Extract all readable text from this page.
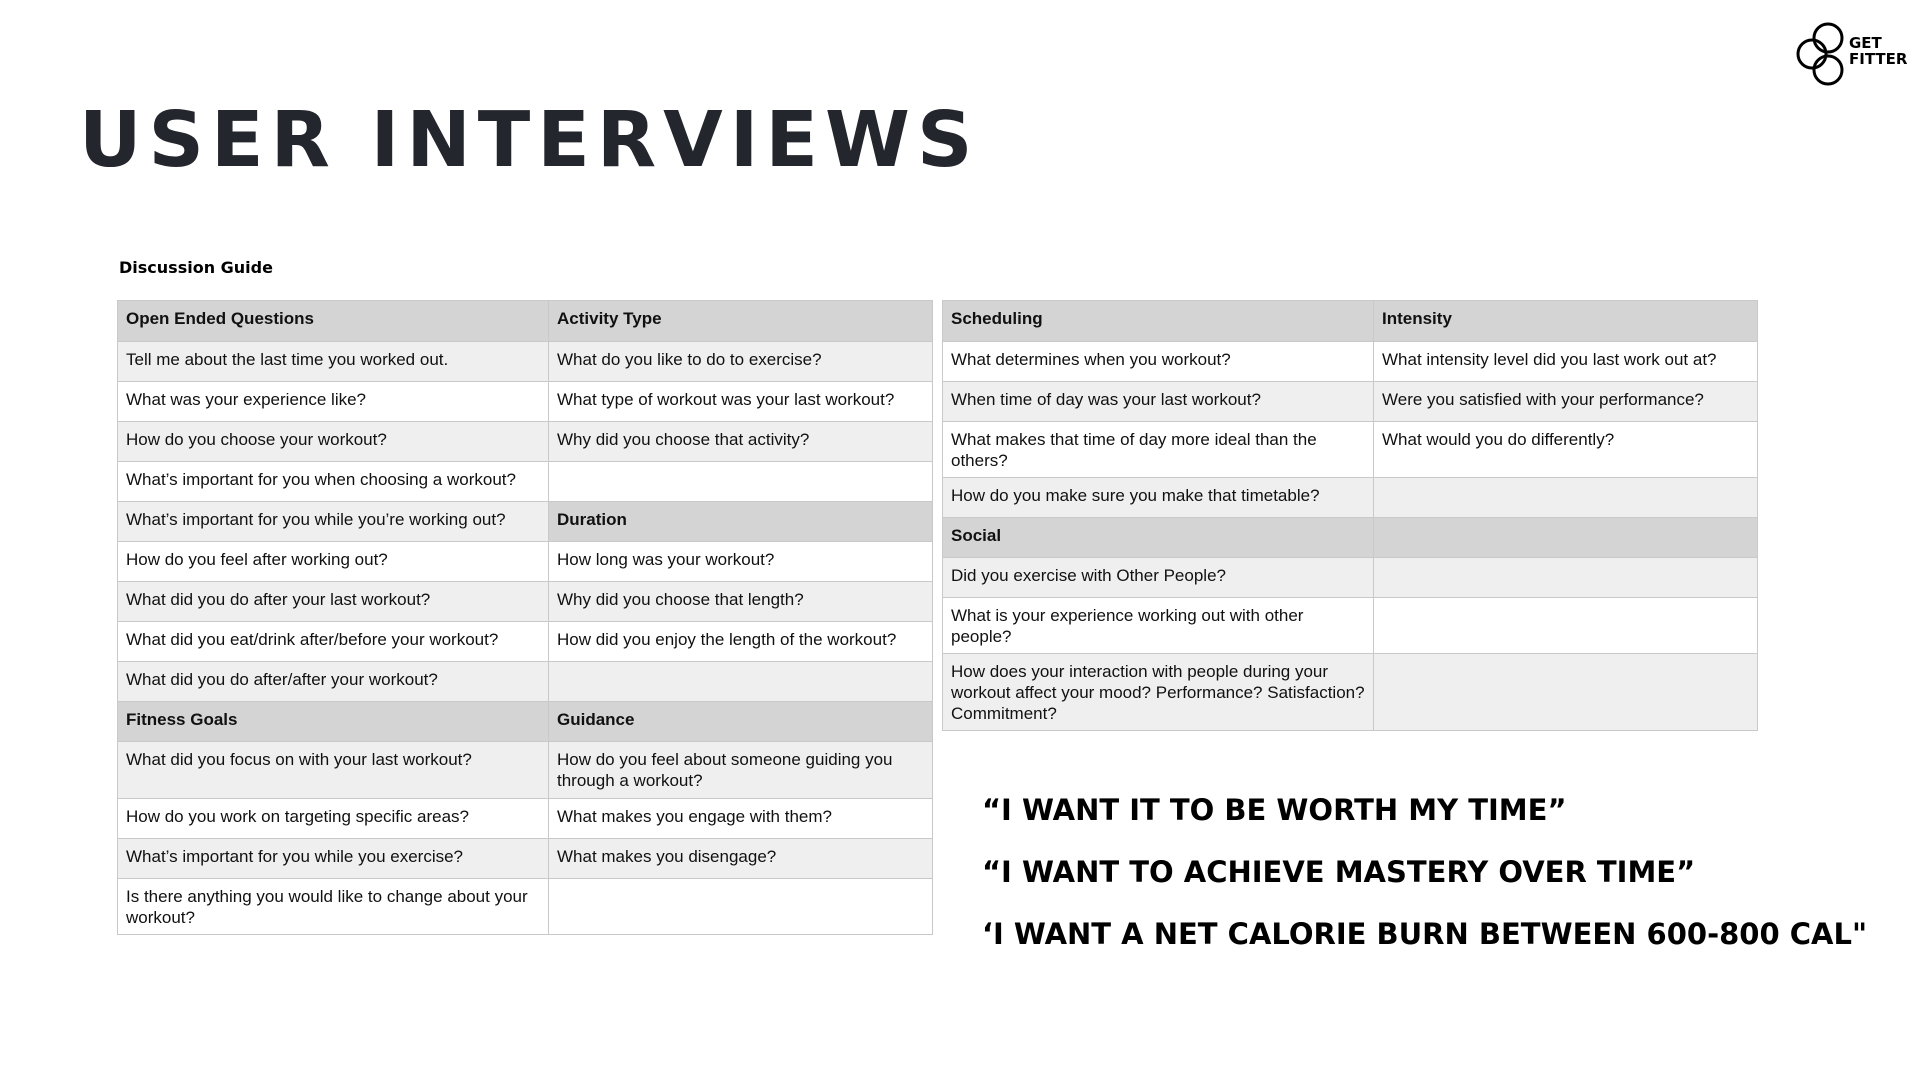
USER INTERVIEWS
GET
FITTER
Discussion Guide
Open Ended Questions	Activity Type
Tell me about the last time you worked out.	What do you like to do to exercise?
What was your experience like?	What type of workout was your last workout?
How do you choose your workout?	Why did you choose that activity?
What’s important for you when choosing a workout?	
What’s important for you while you’re working out?	Duration
How do you feel after working out?	How long was your workout?
What did you do after your last workout?	Why did you choose that length?
What did you eat/drink after/before your workout?	How did you enjoy the length of the workout?
What did you do after/after your workout?	
Fitness Goals	Guidance
What did you focus on with your last workout?	How do you feel about someone guiding you through a workout?
How do you work on targeting specific areas?	What makes you engage with them?
What’s important for you while you exercise?	What makes you disengage?
Is there anything you would like to change about your workout?	
Scheduling	Intensity
What determines when you workout?	What intensity level did you last work out at?
When time of day was your last workout?	Were you satisfied with your performance?
What makes that time of day more ideal than the others?	What would you do differently?
How do you make sure you make that timetable?	
Social	
Did you exercise with Other People?	
What is your experience working out with other people?	
How does your interaction with people during your workout affect your mood? Performance? Satisfaction? Commitment?	
“I WANT IT TO BE WORTH MY TIME”
“I WANT TO ACHIEVE MASTERY OVER TIME”
‘I WANT A NET CALORIE BURN BETWEEN 600-800 CAL"
